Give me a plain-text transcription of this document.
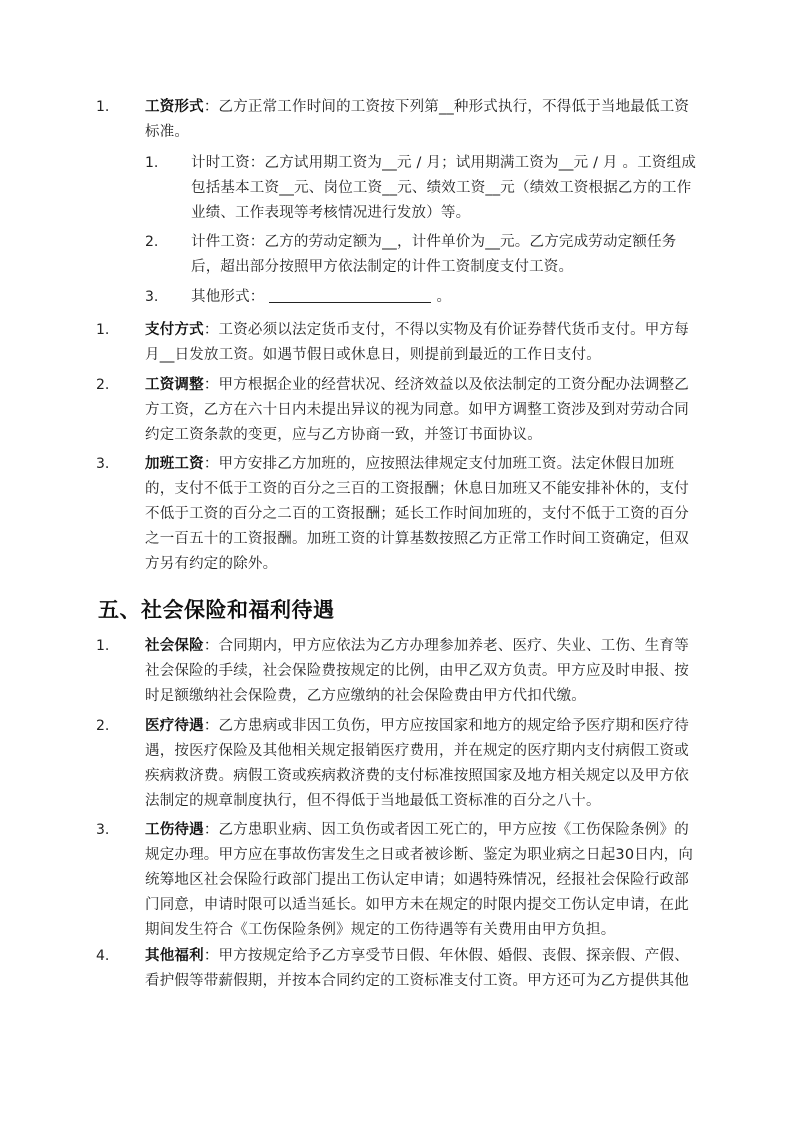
1. 工资形式：乙方正常工作时间的工资按下列第__种形式执行，不得低于当地最低工资
标准。
1. 计时工资：乙方试用期工资为__元 / 月；试用期满工资为__元 / 月 。工资组成
包括基本工资__元、岗位工资__元、绩效工资__元（绩效工资根据乙方的工作
业绩、工作表现等考核情况进行发放）等。
2. 计件工资：乙方的劳动定额为__，计件单价为__元。乙方完成劳动定额任务
后，超出部分按照甲方依法制定的计件工资制度支付工资。
3. 其他形式：	。
1. 支付方式：工资必须以法定货币支付，不得以实物及有价证券替代货币支付。甲方每
月__日发放工资。如遇节假日或休息日，则提前到最近的工作日支付。
2. 工资调整：甲方根据企业的经营状况、经济效益以及依法制定的工资分配办法调整乙
方工资，乙方在六十日内未提出异议的视为同意。如甲方调整工资涉及到对劳动合同
约定工资条款的变更，应与乙方协商一致，并签订书面协议。
3. 加班工资：甲方安排乙方加班的，应按照法律规定支付加班工资。法定休假日加班
的，支付不低于工资的百分之三百的工资报酬；休息日加班又不能安排补休的，支付
不低于工资的百分之二百的工资报酬；延长工作时间加班的，支付不低于工资的百分
之一百五十的工资报酬。加班工资的计算基数按照乙方正常工作时间工资确定，但双
方另有约定的除外。
五、社会保险和福利待遇
1. 社会保险：合同期内，甲方应依法为乙方办理参加养老、医疗、失业、工伤、生育等
社会保险的手续，社会保险费按规定的比例，由甲乙双方负责。甲方应及时申报、按
时足额缴纳社会保险费，乙方应缴纳的社会保险费由甲方代扣代缴。
2. 医疗待遇：乙方患病或非因工负伤，甲方应按国家和地方的规定给予医疗期和医疗待
遇，按医疗保险及其他相关规定报销医疗费用，并在规定的医疗期内支付病假工资或
疾病救济费。病假工资或疾病救济费的支付标准按照国家及地方相关规定以及甲方依
法制定的规章制度执行，但不得低于当地最低工资标准的百分之八十。
3. 工伤待遇：乙方患职业病、因工负伤或者因工死亡的，甲方应按《工伤保险条例》的
规定办理。甲方应在事故伤害发生之日或者被诊断、鉴定为职业病之日起30日内，向
统筹地区社会保险行政部门提出工伤认定申请；如遇特殊情况，经报社会保险行政部
门同意，申请时限可以适当延长。如甲方未在规定的时限内提交工伤认定申请，在此
期间发生符合《工伤保险条例》规定的工伤待遇等有关费用由甲方负担。
4. 其他福利：甲方按规定给予乙方享受节日假、年休假、婚假、丧假、探亲假、产假、
看护假等带薪假期，并按本合同约定的工资标准支付工资。甲方还可为乙方提供其他
